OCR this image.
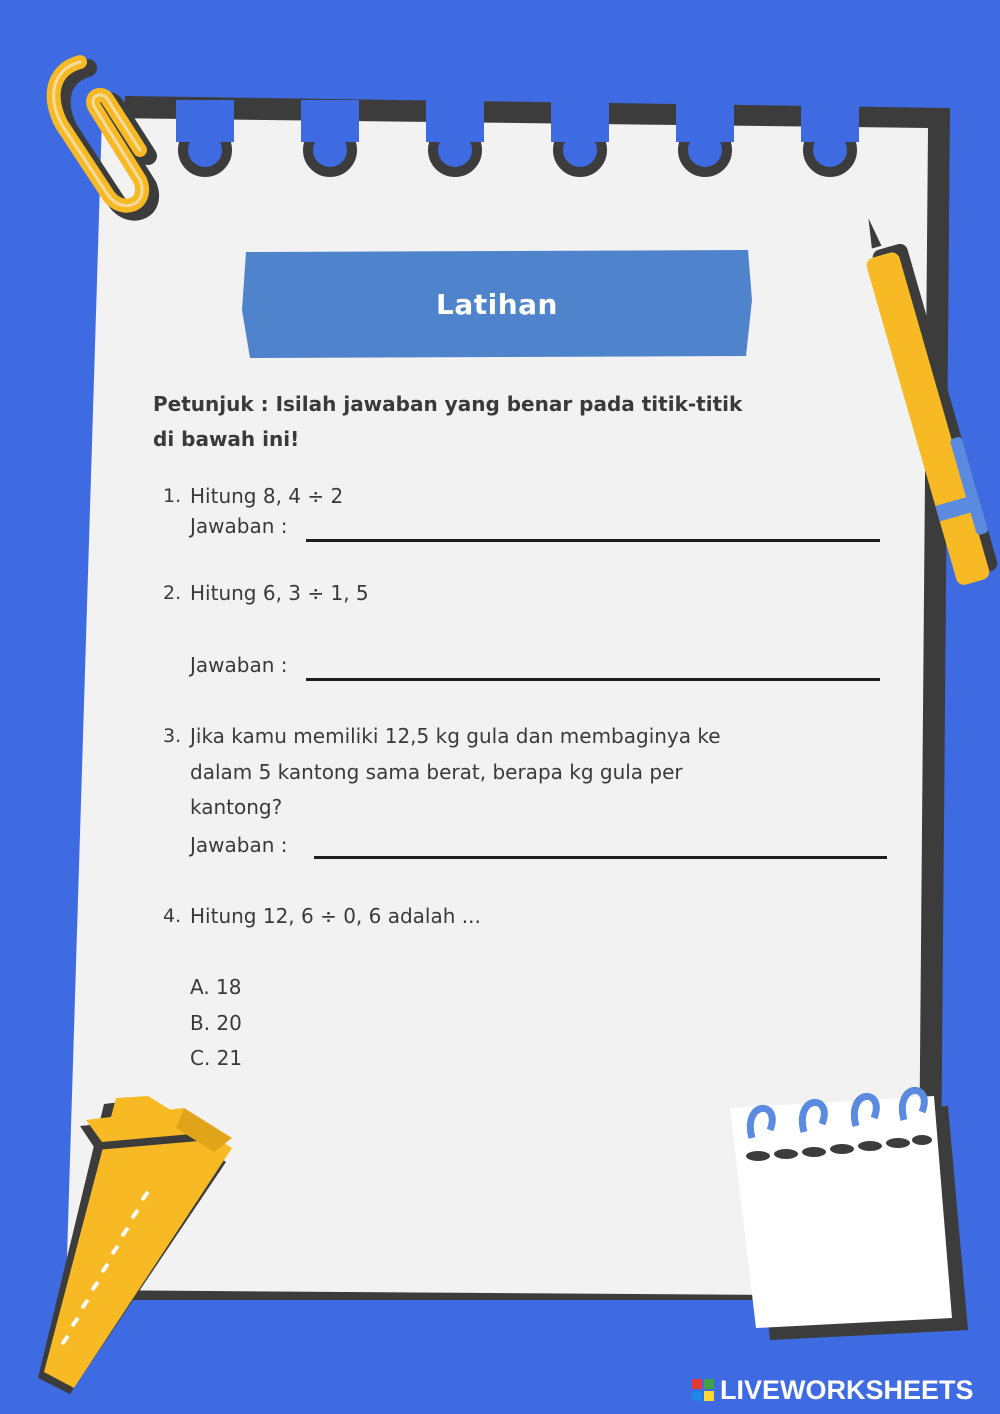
Latihan
Petunjuk : Isilah jawaban yang benar pada titik-titik
di bawah ini!
1. Hitung 8, 4 ÷ 2
Jawaban :
2. Hitung 6, 3 ÷ 1, 5
Jawaban :
3. Jika kamu memiliki 12,5 kg gula dan membaginya ke
dalam 5 kantong sama berat, berapa kg gula per
kantong?
Jawaban :
4. Hitung 12, 6 ÷ 0, 6 adalah ...
A. 18
B. 20
C. 21
LIVEWORKSHEETS
